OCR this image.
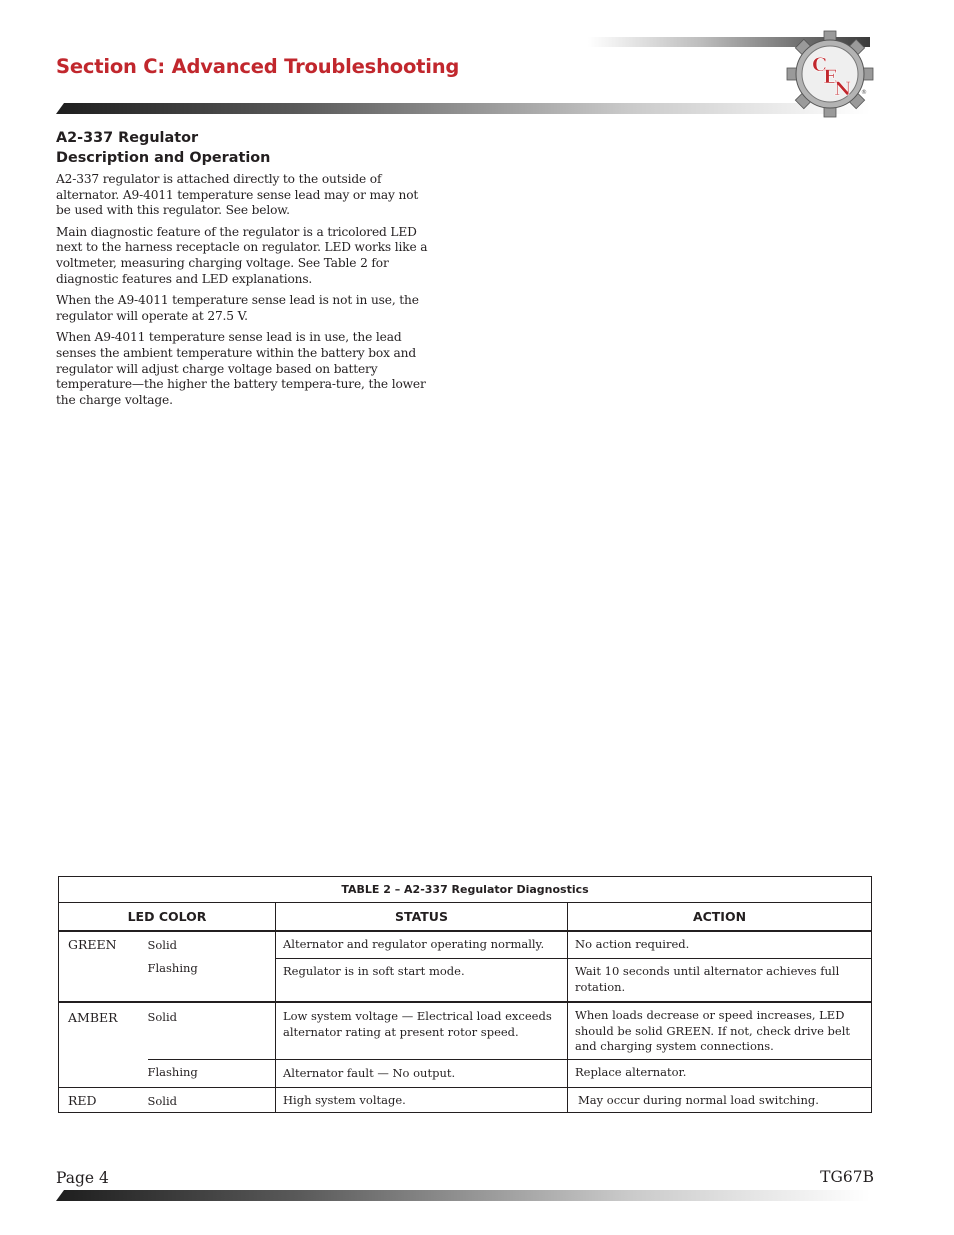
Section C: Advanced Troubleshooting	C
E
N ®
A2-337 Regulator
Description and Operation

A2-337 regulator is attached directly to the outside of alternator. A9-4011 temperature sense lead may or may not be used with this regulator. See below.

Main diagnostic feature of the regulator is a tricolored LED next to the harness receptacle on regulator. LED works like a voltmeter, measuring charging voltage. See Table 2 for diagnostic features and LED explanations.

When the A9-4011 temperature sense lead is not in use, the regulator will operate at 27.5 V.

When A9-4011 temperature sense lead is in use, the lead senses the ambient temperature within the battery box and regulator will adjust charge voltage based on battery temperature—the higher the battery tempera-ture, the lower the charge voltage.

TABLE 2 – A2-337 Regulator Diagnostics			
LED COLOR		STATUS	ACTION
GREEN	Solid	Alternator and regulator operating normally.	No action required.
	Flashing	Regulator is in soft start mode.	Wait 10 seconds until alternator achieves full rotation.
AMBER	Solid	Low system voltage — Electrical load exceeds alternator rating at present rotor speed.	When loads decrease or speed increases, LED should be solid GREEN. If not, check drive belt and charging system connections.
	Flashing	Alternator fault — No output.	Replace alternator.
RED	Solid	High system voltage.	May occur during normal load switching.
Page 4	TG67B
